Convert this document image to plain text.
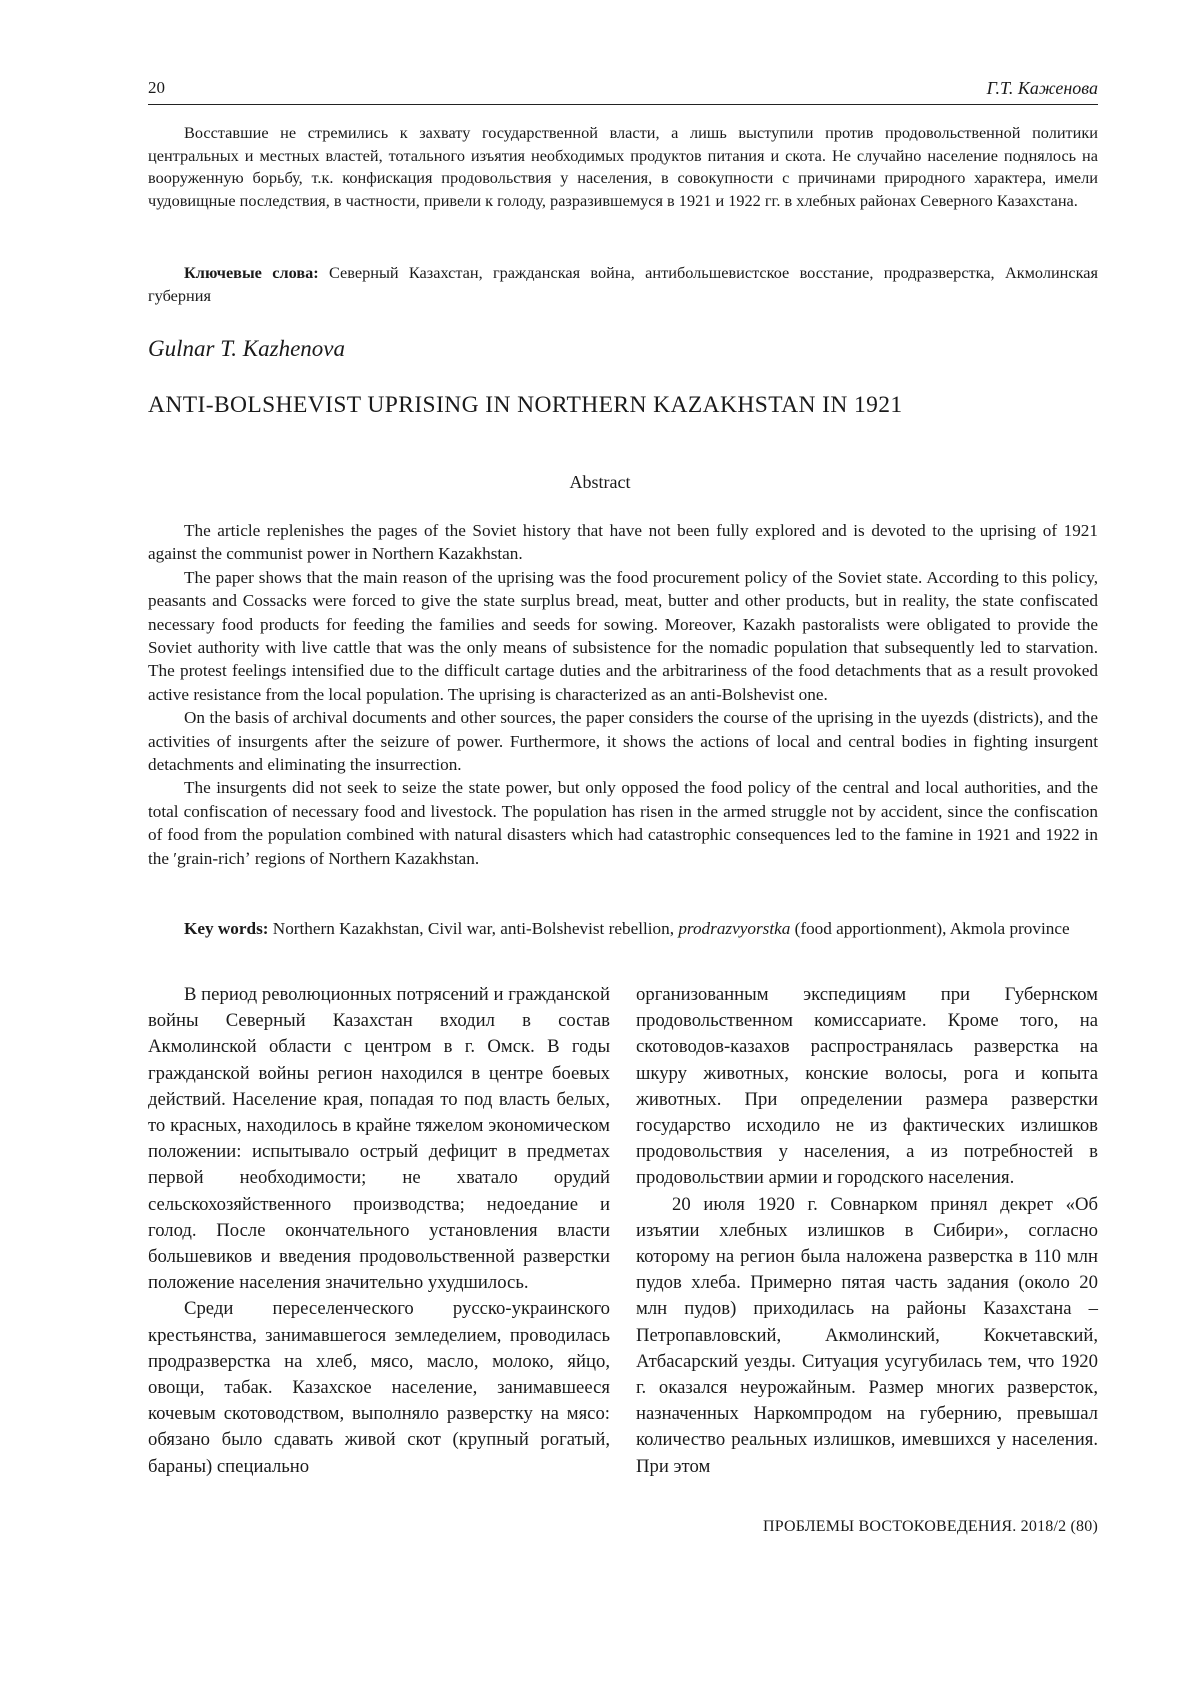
20	Г.Т. Каженова

Восставшие не стремились к захвату государственной власти, а лишь выступили против продовольственной политики центральных и местных властей, тотального изъятия необходимых продуктов питания и скота. Не случайно население поднялось на вооруженную борьбу, т.к. конфискация продовольствия у населения, в совокупности с причинами природного характера, имели чудовищные последствия, в частности, привели к голоду, разразившемуся в 1921 и 1922 гг. в хлебных районах Северного Казахстана.

Ключевые слова: Северный Казахстан, гражданская война, антибольшевистское восстание, продразверстка, Акмолинская губерния
Gulnar T. Kazhenova
ANTI-BOLSHEVIST UPRISING IN NORTHERN KAZAKHSTAN IN 1921
Abstract

The article replenishes the pages of the Soviet history that have not been fully explored and is devoted to the uprising of 1921 against the communist power in Northern Kazakhstan.

The paper shows that the main reason of the uprising was the food procurement policy of the Soviet state. According to this policy, peasants and Cossacks were forced to give the state surplus bread, meat, butter and other products, but in reality, the state confiscated necessary food products for feeding the families and seeds for sowing. Moreover, Kazakh pastoralists were obligated to provide the Soviet authority with live cattle that was the only means of subsistence for the nomadic population that subsequently led to starvation. The protest feelings intensified due to the difficult cartage duties and the arbitrariness of the food detachments that as a result provoked active resistance from the local population. The uprising is characterized as an anti-Bolshevist one.

On the basis of archival documents and other sources, the paper considers the course of the uprising in the uyezds (districts), and the activities of insurgents after the seizure of power. Furthermore, it shows the actions of local and central bodies in fighting insurgent detachments and eliminating the insurrection.

The insurgents did not seek to seize the state power, but only opposed the food policy of the central and local authorities, and the total confiscation of necessary food and livestock. The population has risen in the armed struggle not by accident, since the confiscation of food from the population combined with natural disasters which had catastrophic consequences led to the famine in 1921 and 1922 in the ʹgrain-richʼ regions of Northern Kazakhstan.

Key words: Northern Kazakhstan, Civil war, anti-Bolshevist rebellion, prodrazvyorstka (food apportionment), Akmola province

В период революционных потрясений и гражданской войны Северный Казахстан входил в состав Акмолинской области с центром в г. Омск. В годы гражданской войны регион находился в центре боевых действий. Население края, попадая то под власть белых, то красных, находилось в крайне тяжелом экономическом положении: испытывало острый дефицит в предметах первой необходимости; не хватало орудий сельскохозяйственного производства; недоедание и голод. После окончательного установления власти большевиков и введения продовольственной разверстки положение населения значительно ухудшилось.

Среди переселенческого русско-украинского крестьянства, занимавшегося земледелием, проводилась продразверстка на хлеб, мясо, масло, молоко, яйцо, овощи, табак. Казахское население, занимавшееся кочевым скотоводством, выполняло разверстку на мясо: обязано было сдавать живой скот (крупный рогатый, бараны) специально

организованным экспедициям при Губернском продовольственном комиссариате. Кроме того, на скотоводов-казахов распространялась разверстка на шкуру животных, конские волосы, рога и копыта животных. При определении размера разверстки государство исходило не из фактических излишков продовольствия у населения, а из потребностей в продовольствии армии и городского населения.

20 июля 1920 г. Совнарком принял декрет «Об изъятии хлебных излишков в Сибири», согласно которому на регион была наложена разверстка в 110 млн пудов хлеба. Примерно пятая часть задания (около 20 млн пудов) приходилась на районы Казахстана – Петропавловский, Акмолинский, Кокчетавский, Атбасарский уезды. Ситуация усугубилась тем, что 1920 г. оказался неурожайным. Размер многих разверсток, назначенных Наркомпродом на губернию, превышал количество реальных излишков, имевшихся у населения. При этом

ПРОБЛЕМЫ ВОСТОКОВЕДЕНИЯ. 2018/2 (80)
